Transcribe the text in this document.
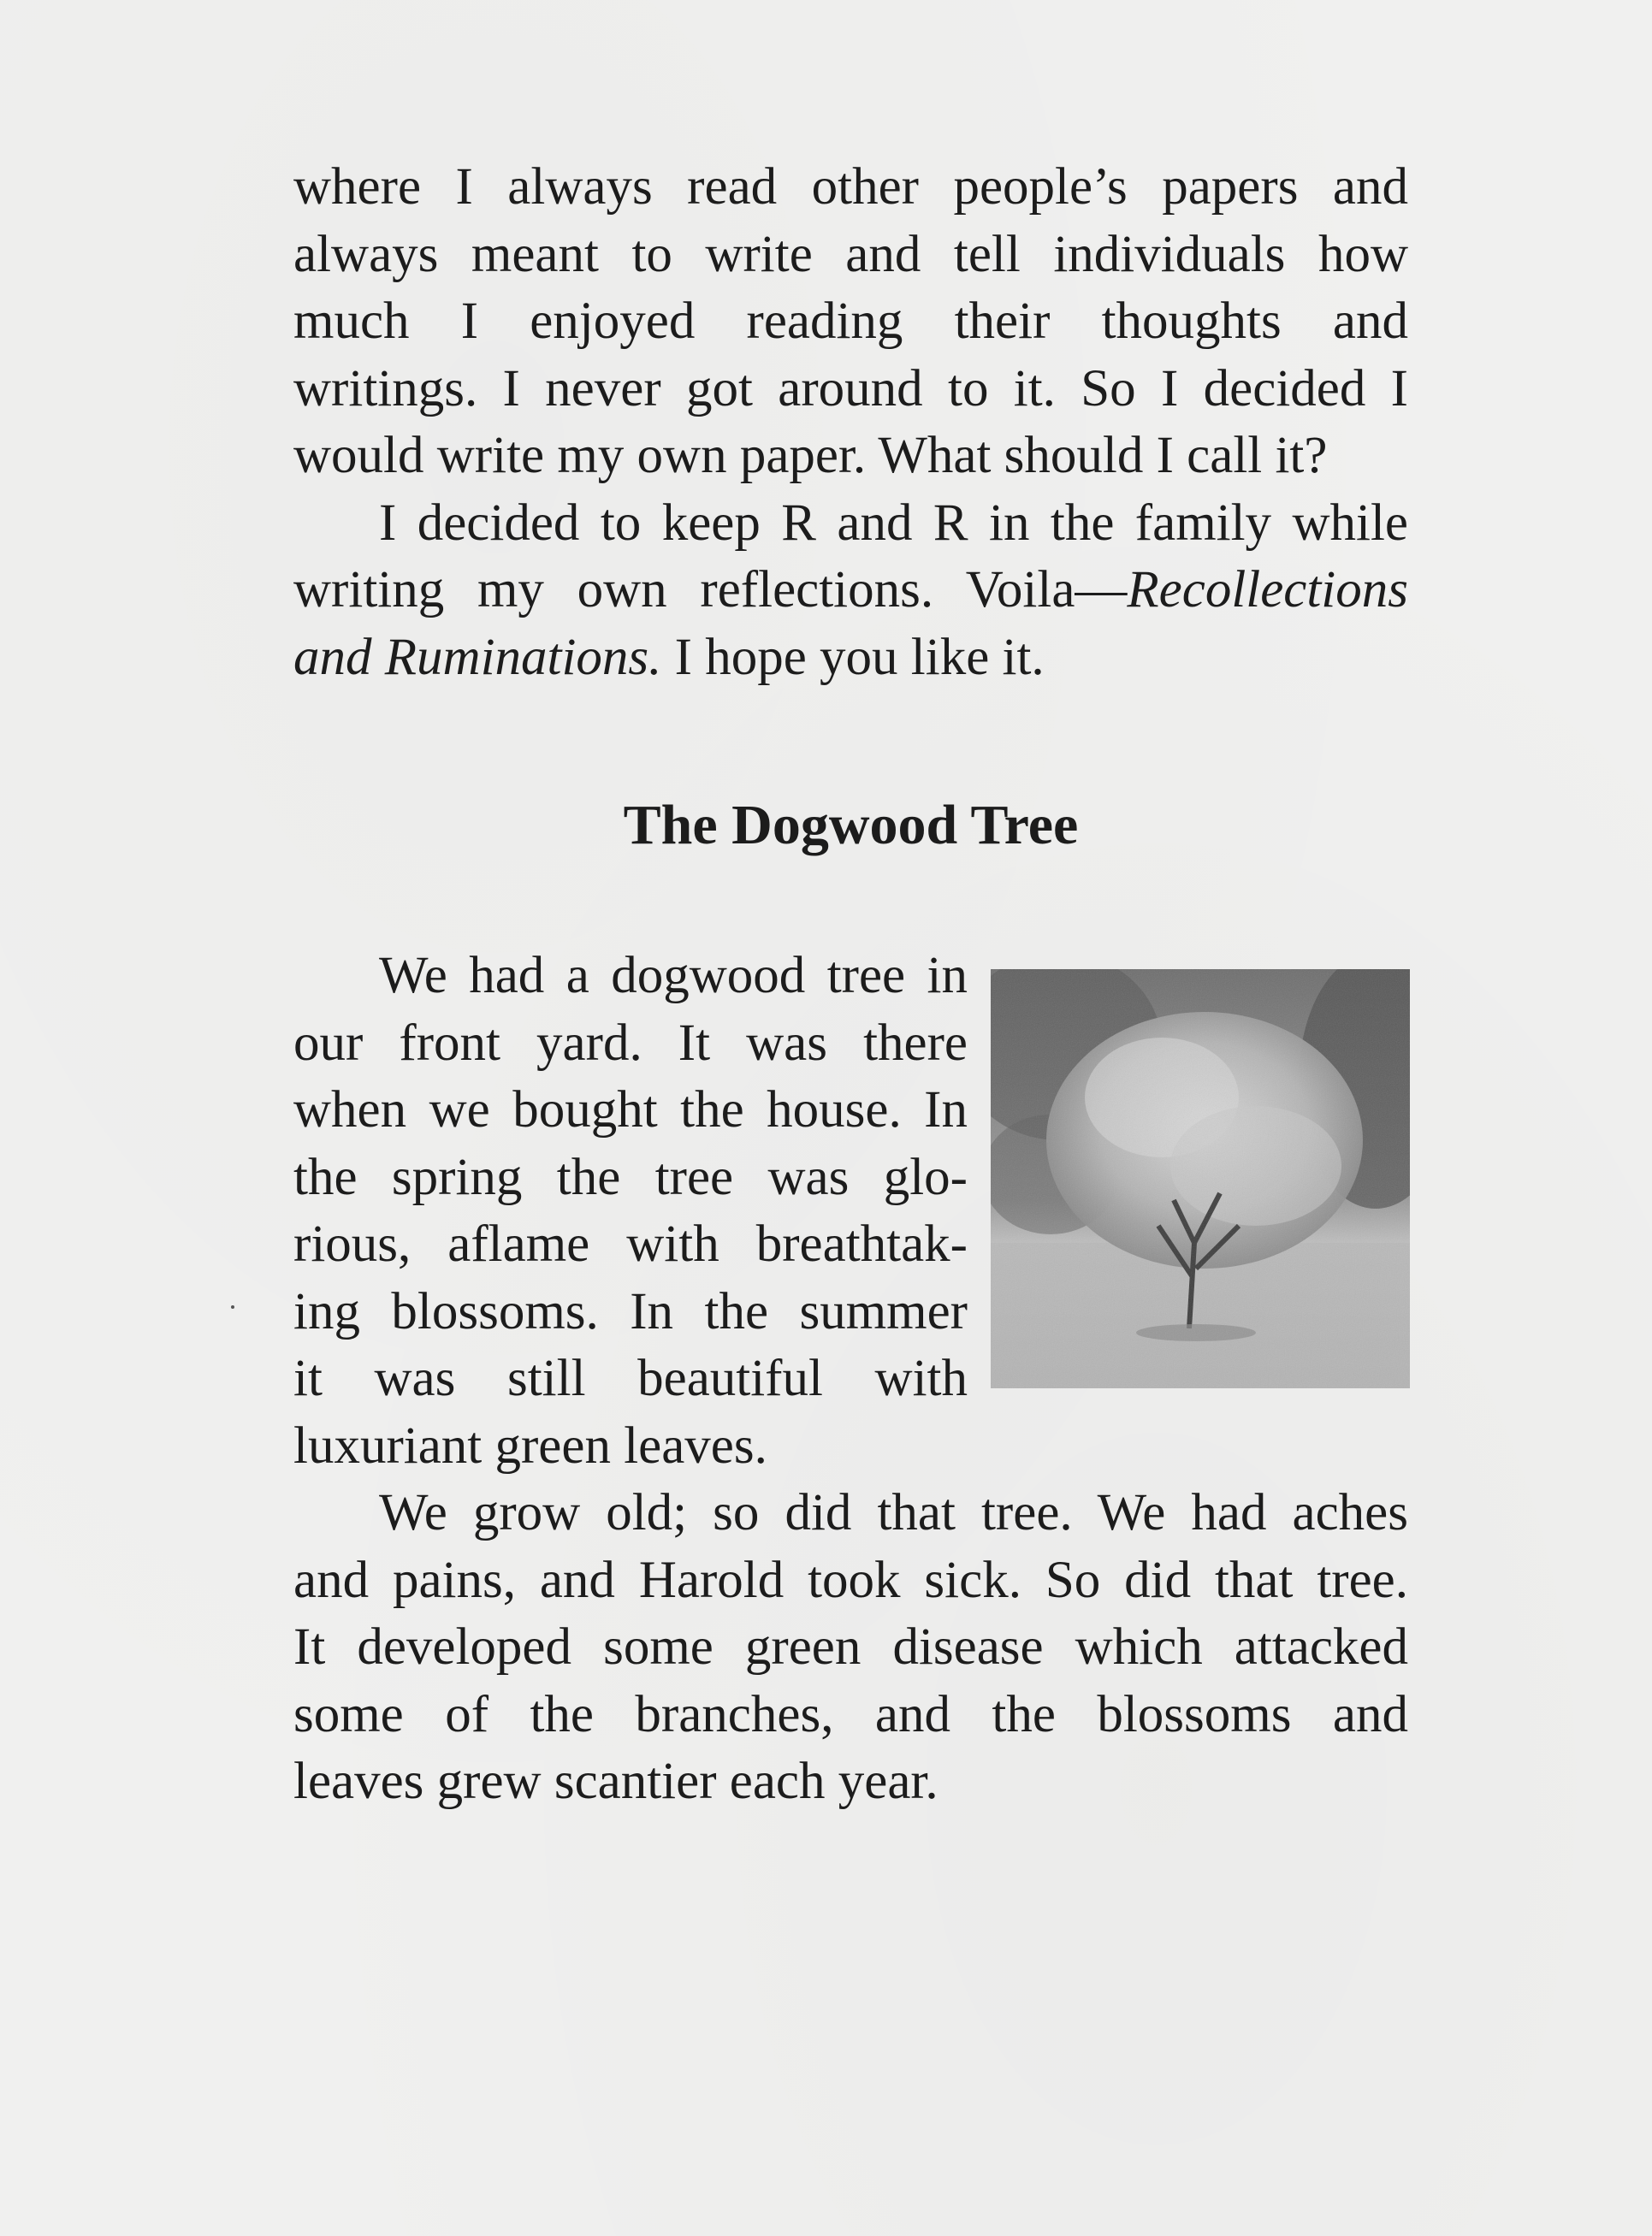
where I always read other people’s papers and
always meant to write and tell individuals how
much I enjoyed reading their thoughts and
writings. I never got around to it. So I decided I
would write my own paper. What should I call it?
I decided to keep R and R in the family while
writing my own reflections. Voila—Recollections
and Ruminations. I hope you like it.
The Dogwood Tree
We had a dogwood tree in
our front yard. It was there
when we bought the house. In
the spring the tree was glo-
rious, aflame with breathtak-
ing blossoms. In the summer
it was still beautiful with
luxuriant green leaves.
We grow old; so did that tree. We had aches
and pains, and Harold took sick. So did that tree.
It developed some green disease which attacked
some of the branches, and the blossoms and
leaves grew scantier each year.
